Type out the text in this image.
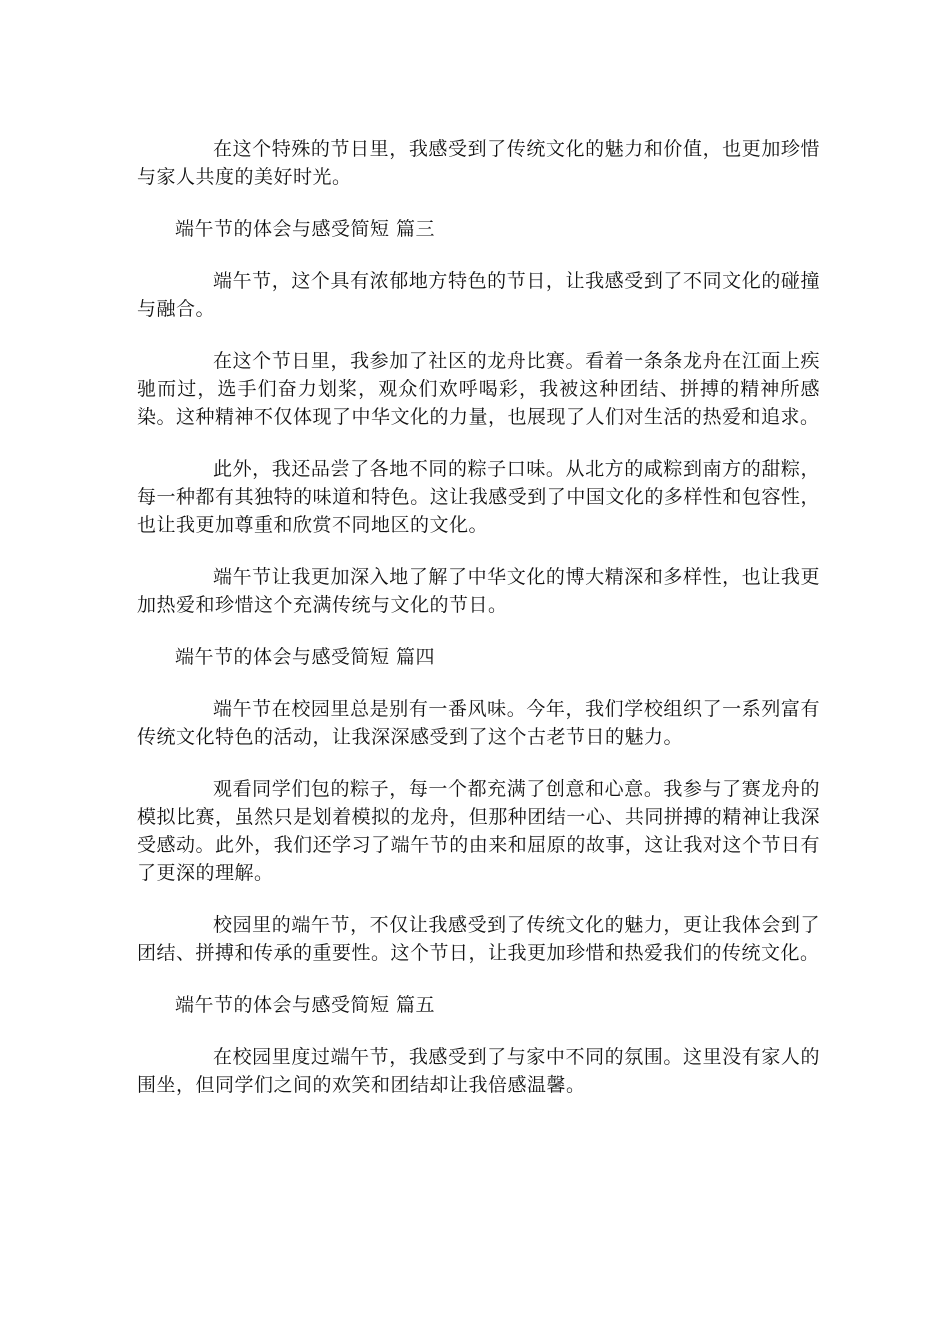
在这个特殊的节日里，我感受到了传统文化的魅力和价值，也更加珍惜与家人共度的美好时光。

端午节的体会与感受简短 篇三

端午节，这个具有浓郁地方特色的节日，让我感受到了不同文化的碰撞与融合。

在这个节日里，我参加了社区的龙舟比赛。看着一条条龙舟在江面上疾驰而过，选手们奋力划桨，观众们欢呼喝彩，我被这种团结、拼搏的精神所感染。这种精神不仅体现了中华文化的力量，也展现了人们对生活的热爱和追求。

此外，我还品尝了各地不同的粽子口味。从北方的咸粽到南方的甜粽，每一种都有其独特的味道和特色。这让我感受到了中国文化的多样性和包容性，也让我更加尊重和欣赏不同地区的文化。

端午节让我更加深入地了解了中华文化的博大精深和多样性，也让我更加热爱和珍惜这个充满传统与文化的节日。

端午节的体会与感受简短 篇四

端午节在校园里总是别有一番风味。今年，我们学校组织了一系列富有传统文化特色的活动，让我深深感受到了这个古老节日的魅力。

观看同学们包的粽子，每一个都充满了创意和心意。我参与了赛龙舟的模拟比赛，虽然只是划着模拟的龙舟，但那种团结一心、共同拼搏的精神让我深受感动。此外，我们还学习了端午节的由来和屈原的故事，这让我对这个节日有了更深的理解。

校园里的端午节，不仅让我感受到了传统文化的魅力，更让我体会到了团结、拼搏和传承的重要性。这个节日，让我更加珍惜和热爱我们的传统文化。

端午节的体会与感受简短 篇五

在校园里度过端午节，我感受到了与家中不同的氛围。这里没有家人的围坐，但同学们之间的欢笑和团结却让我倍感温馨。
